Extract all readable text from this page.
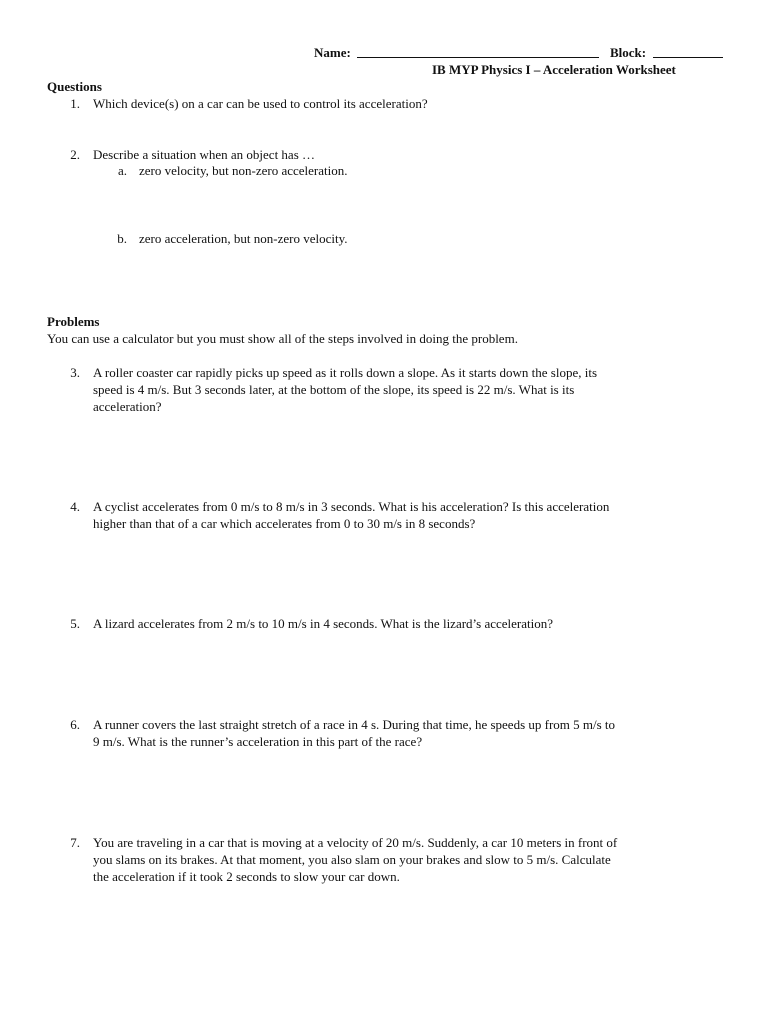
Name:	Block:
IB MYP Physics I – Acceleration Worksheet
Questions
1. Which device(s) on a car can be used to control its acceleration?
2. Describe a situation when an object has …
a. zero velocity, but non-zero acceleration.
b. zero acceleration, but non-zero velocity.
Problems
You can use a calculator but you must show all of the steps involved in doing the problem.
3. A roller coaster car rapidly picks up speed as it rolls down a slope. As it starts down the slope, its
speed is 4 m/s. But 3 seconds later, at the bottom of the slope, its speed is 22 m/s. What is its
acceleration?
4. A cyclist accelerates from 0 m/s to 8 m/s in 3 seconds. What is his acceleration? Is this acceleration
higher than that of a car which accelerates from 0 to 30 m/s in 8 seconds?
5. A lizard accelerates from 2 m/s to 10 m/s in 4 seconds. What is the lizard’s acceleration?
6. A runner covers the last straight stretch of a race in 4 s. During that time, he speeds up from 5 m/s to
9 m/s. What is the runner’s acceleration in this part of the race?
7. You are traveling in a car that is moving at a velocity of 20 m/s. Suddenly, a car 10 meters in front of
you slams on its brakes. At that moment, you also slam on your brakes and slow to 5 m/s. Calculate
the acceleration if it took 2 seconds to slow your car down.
